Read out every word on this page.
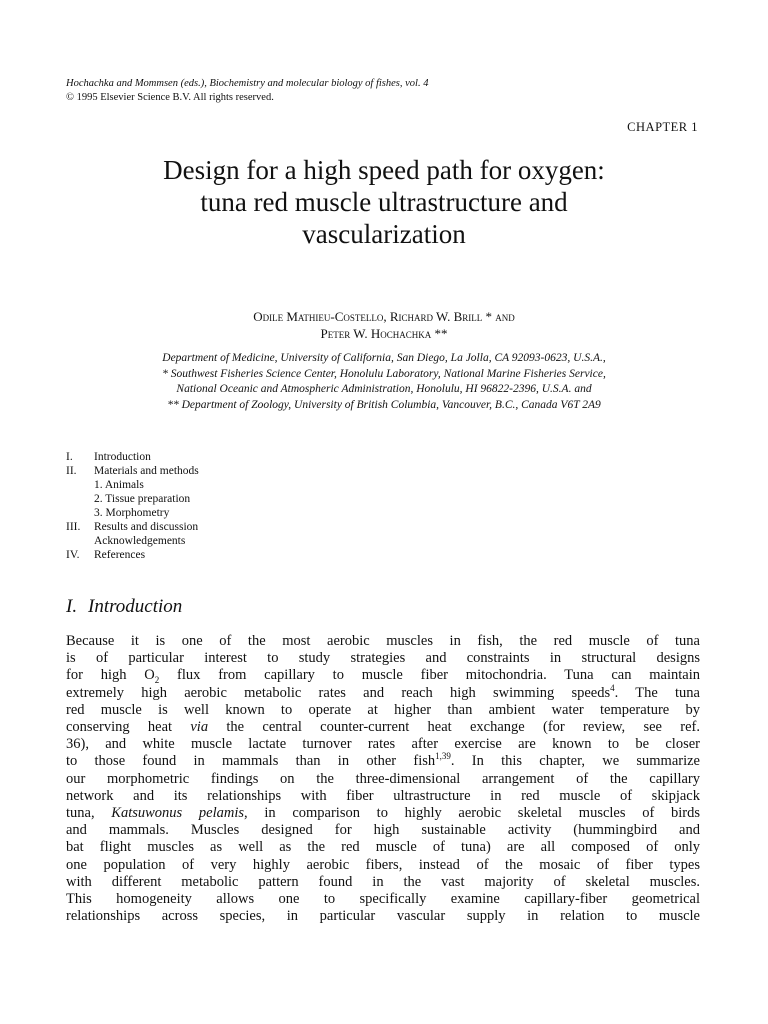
Hochachka and Mommsen (eds.), Biochemistry and molecular biology of fishes, vol. 4
© 1995 Elsevier Science B.V. All rights reserved.
CHAPTER 1
Design for a high speed path for oxygen:
tuna red muscle ultrastructure and
vascularization
Odile Mathieu-Costello, Richard W. Brill * and
Peter W. Hochachka **
Department of Medicine, University of California, San Diego, La Jolla, CA 92093-0623, U.S.A.,
* Southwest Fisheries Science Center, Honolulu Laboratory, National Marine Fisheries Service,
National Oceanic and Atmospheric Administration, Honolulu, HI 96822-2396, U.S.A. and
** Department of Zoology, University of British Columbia, Vancouver, B.C., Canada V6T 2A9
I. Introduction
II. Materials and methods
1. Animals
2. Tissue preparation
3. Morphometry
III. Results and discussion
Acknowledgements
IV. References
I. Introduction

Because it is one of the most aerobic muscles in fish, the red muscle of tuna
is of particular interest to study strategies and constraints in structural designs
for high $O_2$ flux from capillary to muscle fiber mitochondria. Tuna can maintain
extremely high aerobic metabolic rates and reach high swimming speeds$^4$. The tuna
red muscle is well known to operate at higher than ambient water temperature by
conserving heat via the central counter-current heat exchange (for review, see ref.
36), and white muscle lactate turnover rates after exercise are known to be closer
to those found in mammals than in other fish$^{1,39}$. In this chapter, we summarize
our morphometric findings on the three-dimensional arrangement of the capillary
network and its relationships with fiber ultrastructure in red muscle of skipjack
tuna, Katsuwonus pelamis, in comparison to highly aerobic skeletal muscles of birds
and mammals. Muscles designed for high sustainable activity (hummingbird and
bat flight muscles as well as the red muscle of tuna) are all composed of only
one population of very highly aerobic fibers, instead of the mosaic of fiber types
with different metabolic pattern found in the vast majority of skeletal muscles.
This homogeneity allows one to specifically examine capillary-fiber geometrical
relationships across species, in particular vascular supply in relation to muscle
